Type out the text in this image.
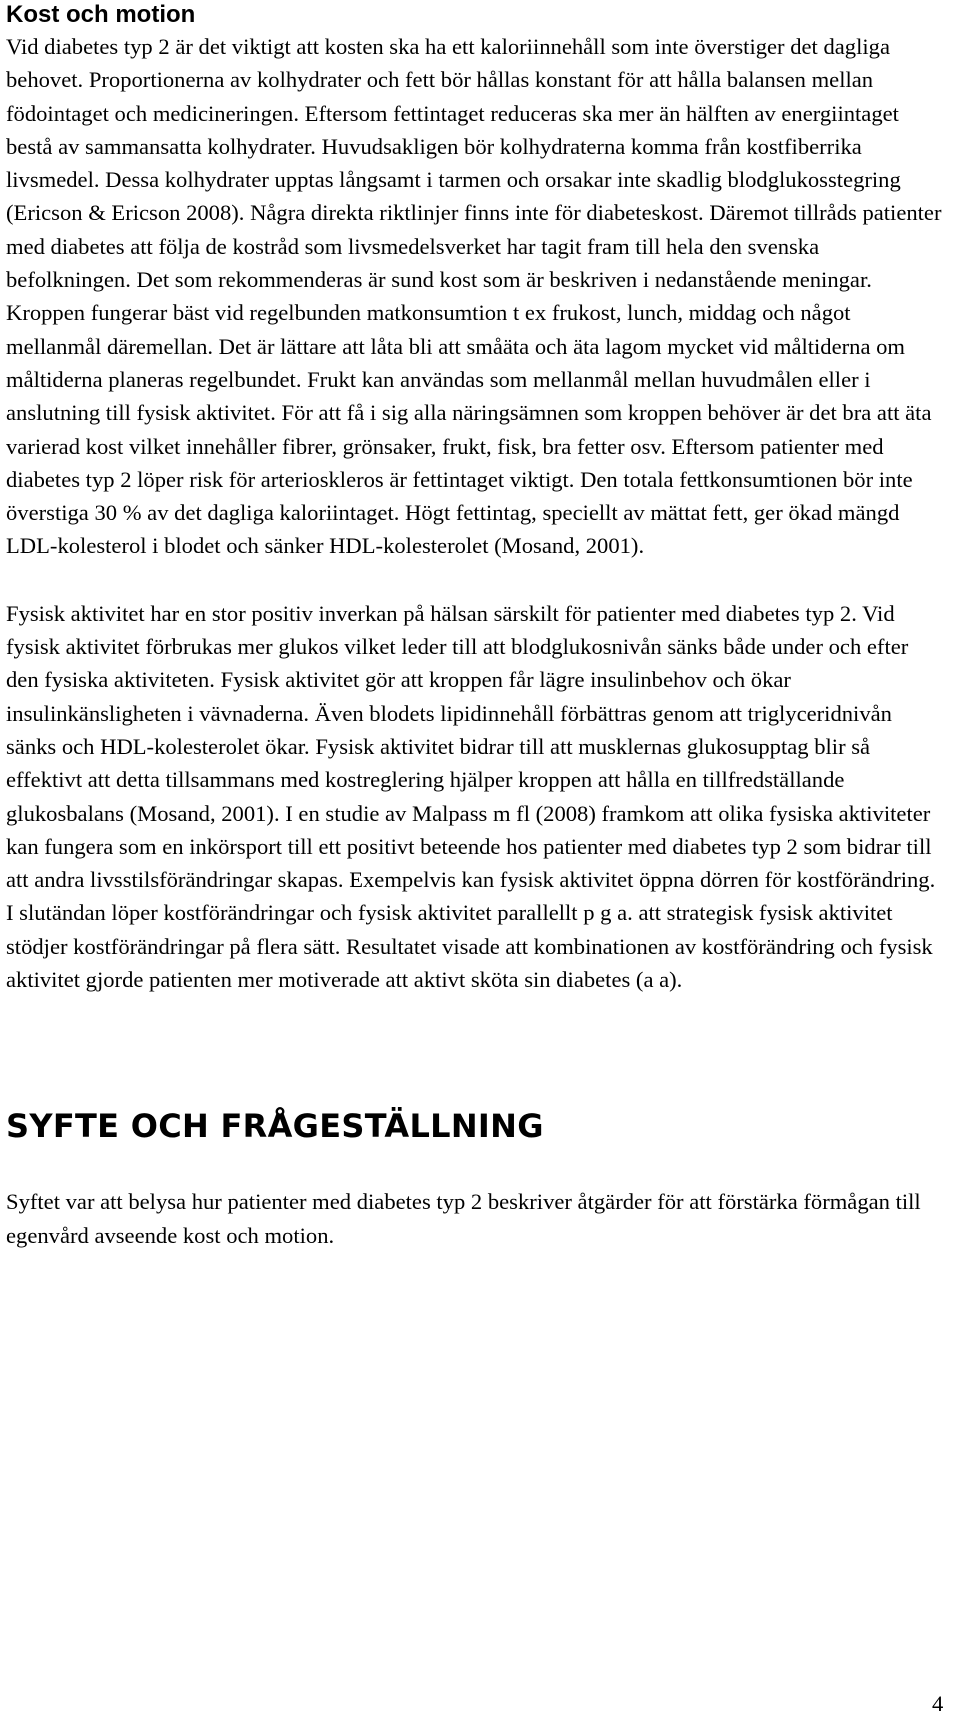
Kost och motion

Vid diabetes typ 2 är det viktigt att kosten ska ha ett kaloriinnehåll som inte överstiger det dagliga behovet. Proportionerna av kolhydrater och fett bör hållas konstant för att hålla balansen mellan födointaget och medicineringen. Eftersom fettintaget reduceras ska mer än hälften av energiintaget bestå av sammansatta kolhydrater. Huvudsakligen bör kolhydraterna komma från kostfiberrika livsmedel. Dessa kolhydrater upptas långsamt i tarmen och orsakar inte skadlig blodglukosstegring (Ericson & Ericson 2008). Några direkta riktlinjer finns inte för diabeteskost. Däremot tillråds patienter med diabetes att följa de kostråd som livsmedelsverket har tagit fram till hela den svenska befolkningen. Det som rekommenderas är sund kost som är beskriven i nedanstående meningar. Kroppen fungerar bäst vid regelbunden matkonsumtion t ex frukost, lunch, middag och något mellanmål däremellan. Det är lättare att låta bli att småäta och äta lagom mycket vid måltiderna om måltiderna planeras regelbundet. Frukt kan användas som mellanmål mellan huvudmålen eller i anslutning till fysisk aktivitet. För att få i sig alla näringsämnen som kroppen behöver är det bra att äta varierad kost vilket innehåller fibrer, grönsaker, frukt, fisk, bra fetter osv. Eftersom patienter med diabetes typ 2 löper risk för arterioskleros är fettintaget viktigt. Den totala fettkonsumtionen bör inte överstiga 30 % av det dagliga kaloriintaget. Högt fettintag, speciellt av mättat fett, ger ökad mängd LDL-kolesterol i blodet och sänker HDL-kolesterolet (Mosand, 2001).

Fysisk aktivitet har en stor positiv inverkan på hälsan särskilt för patienter med diabetes typ 2. Vid fysisk aktivitet förbrukas mer glukos vilket leder till att blodglukosnivån sänks både under och efter den fysiska aktiviteten. Fysisk aktivitet gör att kroppen får lägre insulinbehov och ökar insulinkänsligheten i vävnaderna. Även blodets lipidinnehåll förbättras genom att triglyceridnivån sänks och HDL-kolesterolet ökar. Fysisk aktivitet bidrar till att musklernas glukosupptag blir så effektivt att detta tillsammans med kostreglering hjälper kroppen att hålla en tillfredställande glukosbalans (Mosand, 2001). I en studie av Malpass m fl (2008) framkom att olika fysiska aktiviteter kan fungera som en inkörsport till ett positivt beteende hos patienter med diabetes typ 2 som bidrar till att andra livsstilsförändringar skapas. Exempelvis kan fysisk aktivitet öppna dörren för kostförändring. I slutändan löper kostförändringar och fysisk aktivitet parallellt p g a. att strategisk fysisk aktivitet stödjer kostförändringar på flera sätt. Resultatet visade att kombinationen av kostförändring och fysisk aktivitet gjorde patienten mer motiverade att aktivt sköta sin diabetes (a a).

SYFTE OCH FRÅGESTÄLLNING

Syftet var att belysa hur patienter med diabetes typ 2 beskriver åtgärder för att förstärka förmågan till egenvård avseende kost och motion.

4
